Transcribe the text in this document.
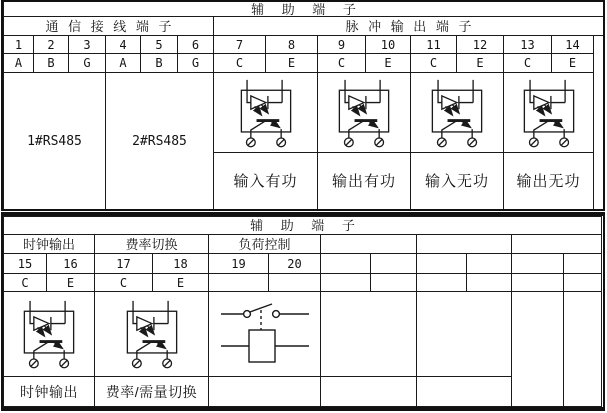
辅 助 端 子
通 信 接 线 端 子	脉 冲 输 出 端 子
1	2	3	4	5	6	7	8	9	10	11	12	13	14
A	B	G	A	B	G	C	E	C	E	C	E	C	E
1#RS485	2#RS485
输入有功	输出有功	输入无功	输出无功
辅 助 端 子
时钟输出	费率切换	负荷控制
15	16	17	18	19	20
C	E	C	E
时钟输出	费率/需量切换
